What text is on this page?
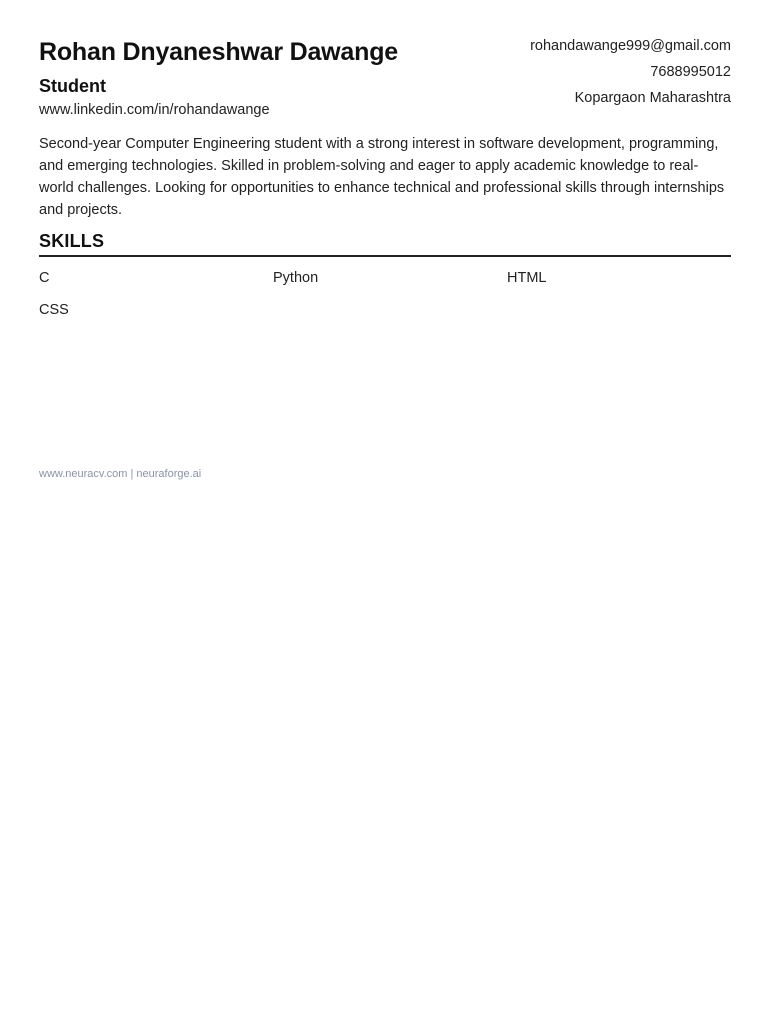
Rohan Dnyaneshwar Dawange
Student
www.linkedin.com/in/rohandawange
rohandawange999@gmail.com
7688995012
Kopargaon Maharashtra

Second-year Computer Engineering student with a strong interest in software development, programming, and emerging technologies. Skilled in problem-solving and eager to apply academic knowledge to real-world challenges. Looking for opportunities to enhance technical and professional skills through internships and projects.

SKILLS
C	Python	HTML
CSS
www.neuracv.com | neuraforge.ai
